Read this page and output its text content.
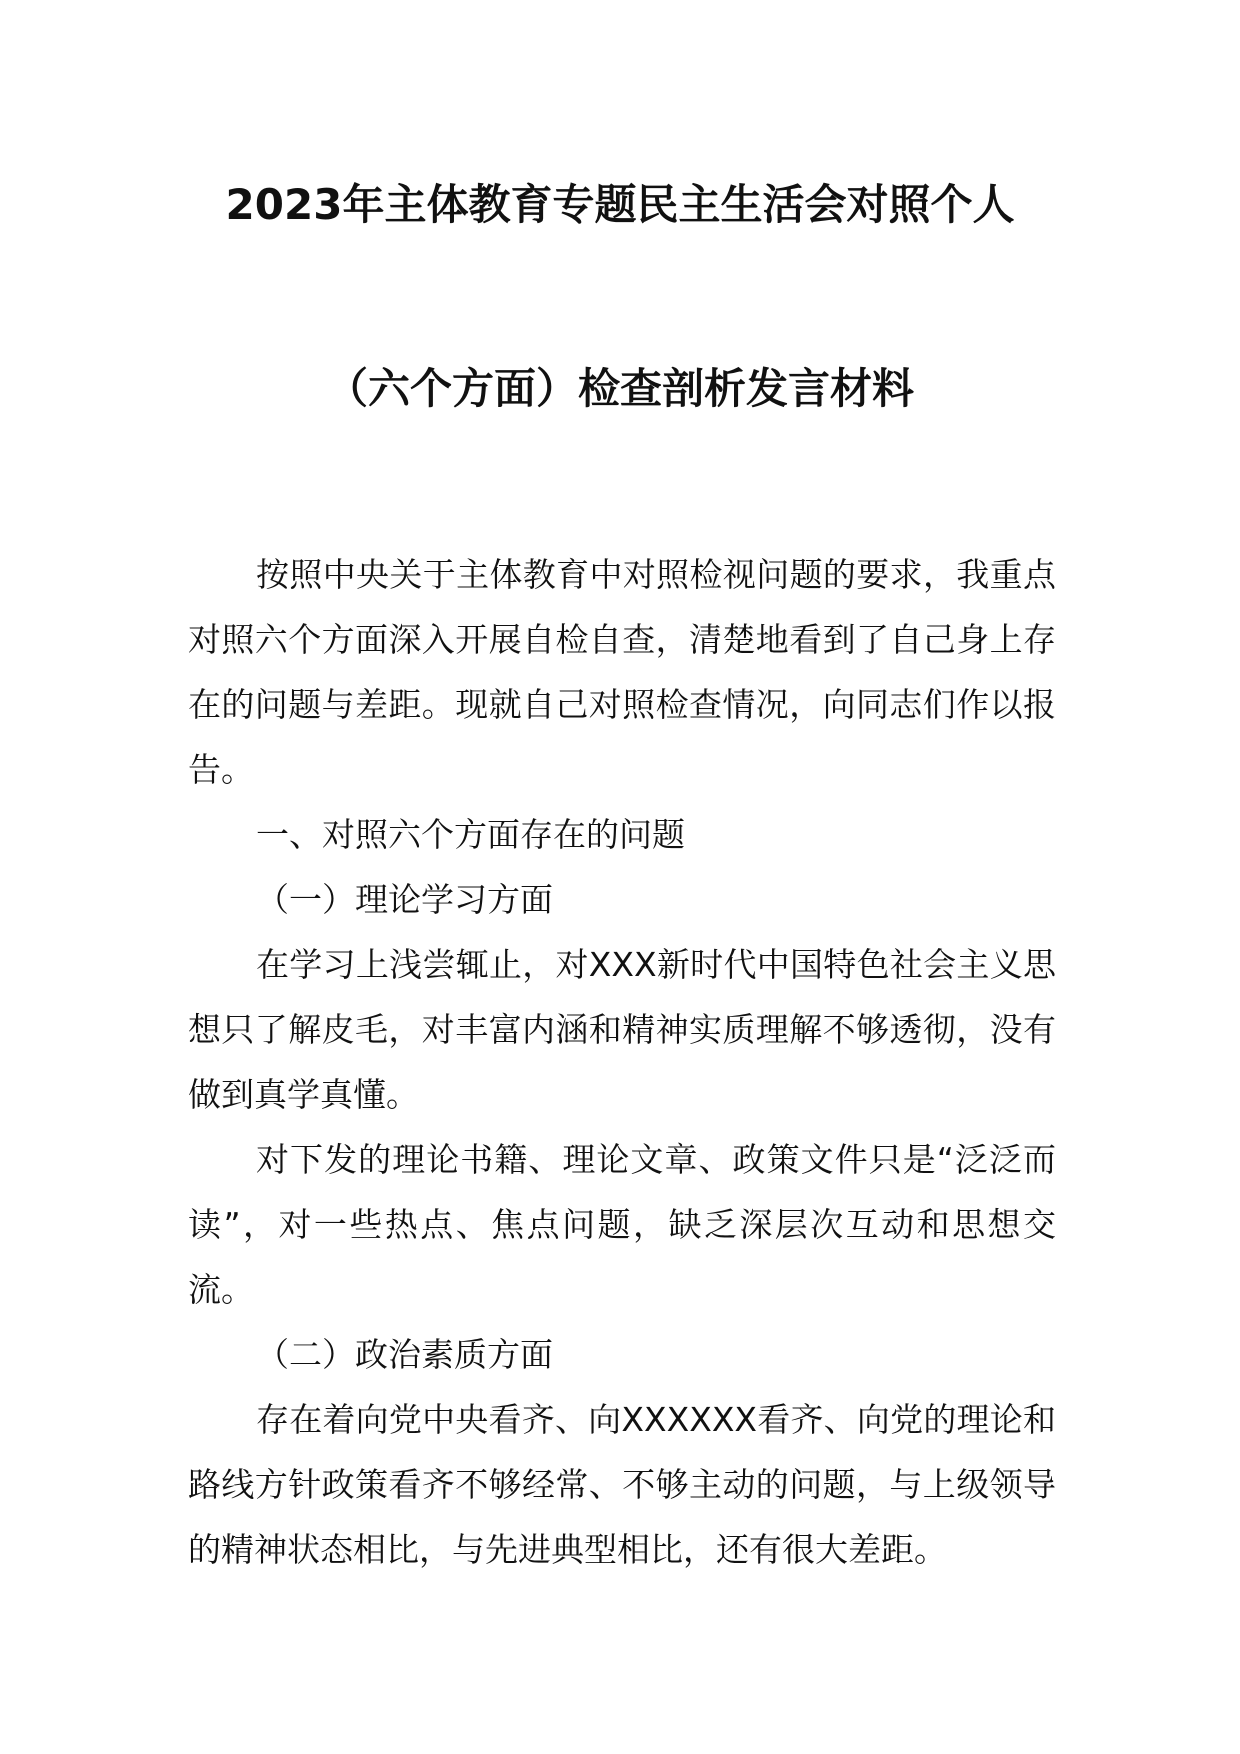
2023年主体教育专题民主生活会对照个人
（六个方面）检查剖析发言材料

按照中央关于主体教育中对照检视问题的要求，我重点对照六个方面深入开展自检自查，清楚地看到了自己身上存在的问题与差距。现就自己对照检查情况，向同志们作以报告。

一、对照六个方面存在的问题

（一）理论学习方面

在学习上浅尝辄止，对XXX新时代中国特色社会主义思想只了解皮毛，对丰富内涵和精神实质理解不够透彻，没有做到真学真懂。

对下发的理论书籍、理论文章、政策文件只是“泛泛而读”，对一些热点、焦点问题，缺乏深层次互动和思想交流。

（二）政治素质方面

存在着向党中央看齐、向XXXXXX看齐、向党的理论和路线方针政策看齐不够经常、不够主动的问题，与上级领导的精神状态相比，与先进典型相比，还有很大差距。
